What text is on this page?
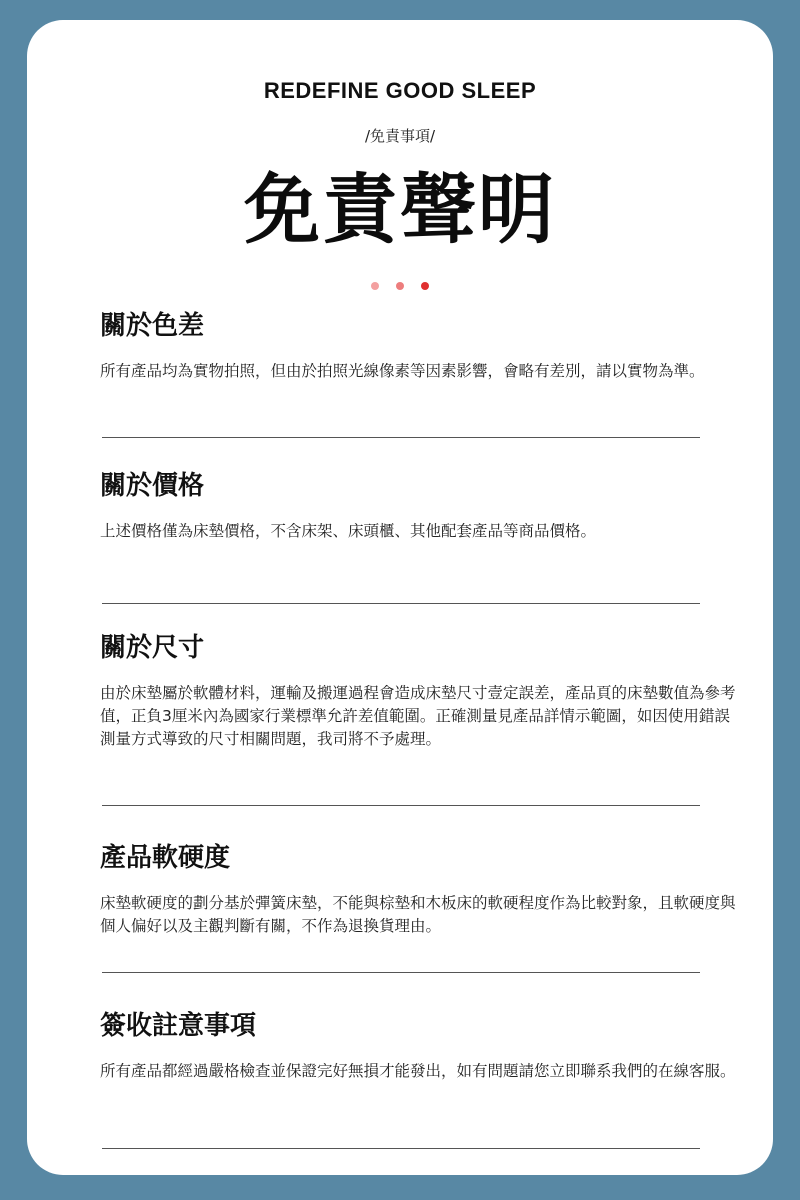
REDEFINE GOOD SLEEP
/免責事項/
免責聲明
關於色差

所有產品均為實物拍照，但由於拍照光線像素等因素影響，會略有差別，請以實物為準。

關於價格

上述價格僅為床墊價格，不含床架、床頭櫃、其他配套產品等商品價格。

關於尺寸

由於床墊屬於軟體材料，運輸及搬運過程會造成床墊尺寸壹定誤差，產品頁的床墊數值為參考值，正負3厘米內為國家行業標準允許差值範圍。正確測量見產品詳情示範圖，如因使用錯誤測量方式導致的尺寸相關問題，我司將不予處理。

產品軟硬度

床墊軟硬度的劃分基於彈簧床墊，不能與棕墊和木板床的軟硬程度作為比較對象，且軟硬度與個人偏好以及主觀判斷有關，不作為退換貨理由。

簽收註意事項

所有產品都經過嚴格檢查並保證完好無損才能發出，如有問題請您立即聯系我們的在線客服。
